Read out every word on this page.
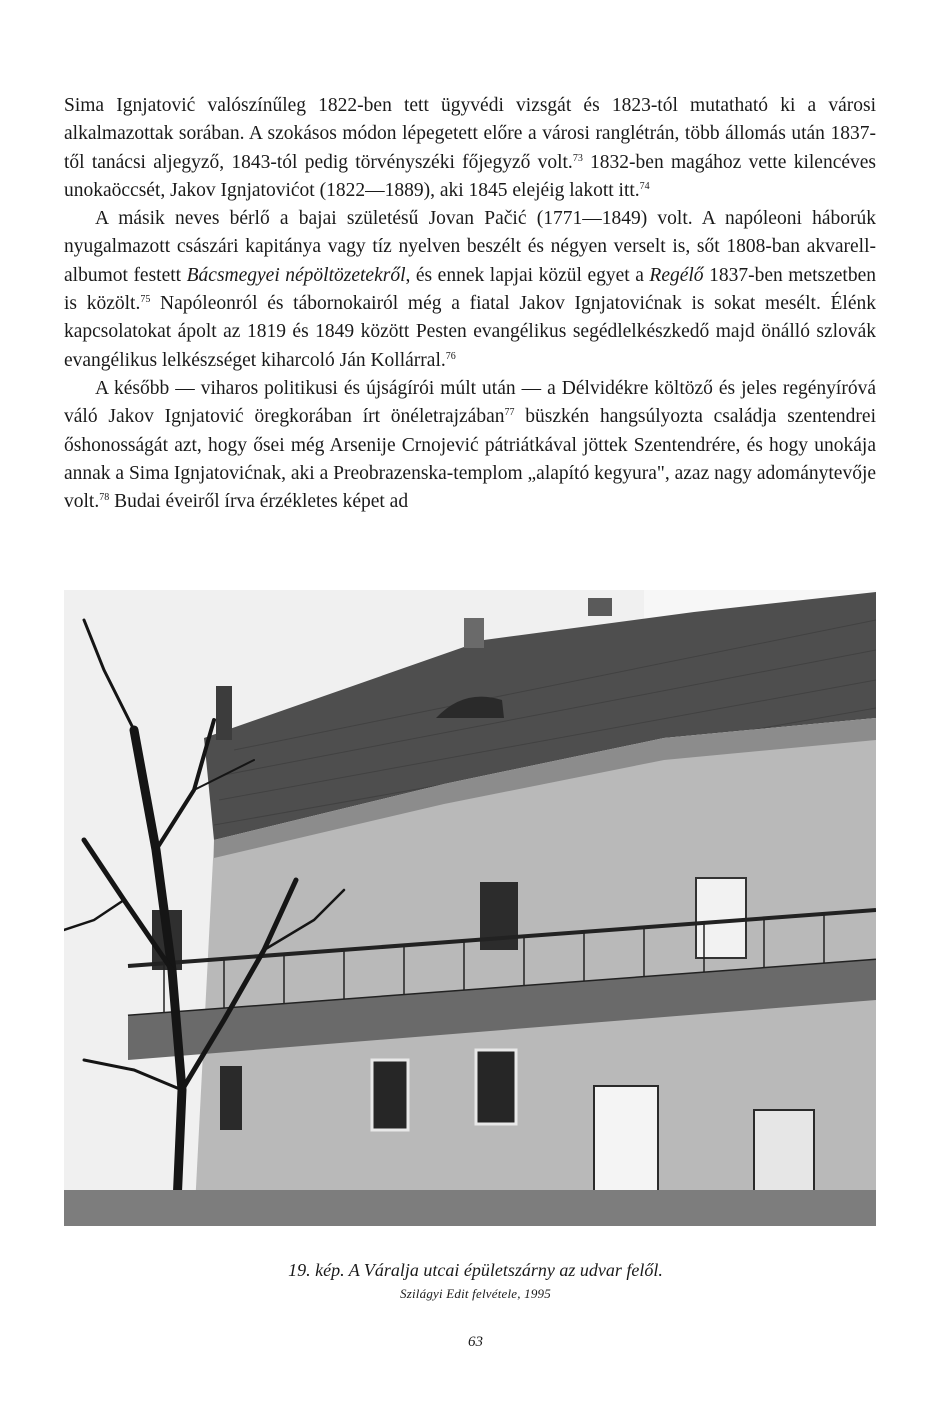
Sima Ignjatović valószínűleg 1822-ben tett ügyvédi vizsgát és 1823-tól mutatható ki a városi alkalmazottak sorában. A szokásos módon lépegetett előre a városi ranglétrán, több állomás után 1837-től tanácsi aljegyző, 1843-tól pedig törvényszéki főjegyző volt.$^{73}$ 1832-ben magához vette kilencéves unokaöccsét, Jakov Ignjatovićot (1822—1889), aki 1845 elejéig lakott itt.$^{74}$

A másik neves bérlő a bajai születésű Jovan Pačić (1771—1849) volt. A napóleoni háborúk nyugalmazott császári kapitánya vagy tíz nyelven beszélt és négyen verselt is, sőt 1808-ban akvarell-albumot festett Bácsmegyei népöltözetekről, és ennek lapjai közül egyet a Regélő 1837-ben metszetben is közölt.$^{75}$ Napóleonról és tábornokairól még a fiatal Jakov Ignjatovićnak is sokat mesélt. Élénk kapcsolatokat ápolt az 1819 és 1849 között Pesten evangélikus segédlelkészkedő majd önálló szlovák evangélikus lelkészséget kiharcoló Ján Kollárral.$^{76}$

A később — viharos politikusi és újságírói múlt után — a Délvidékre költöző és jeles regényíróvá váló Jakov Ignjatović öregkorában írt önéletrajzában$^{77}$ büszkén hangsúlyozta családja szentendrei őshonosságát azt, hogy ősei még Arsenije Crnojević pátriátkával jöttek Szentendrére, és hogy unokája annak a Sima Ignjatovićnak, aki a Preobrazenska-templom „alapító kegyura", azaz nagy adománytevője volt.$^{78}$ Budai éveiről írva érzékletes képet ad

19. kép. A Váralja utcai épületszárny az udvar felől.
Szilágyi Edit felvétele, 1995
63
